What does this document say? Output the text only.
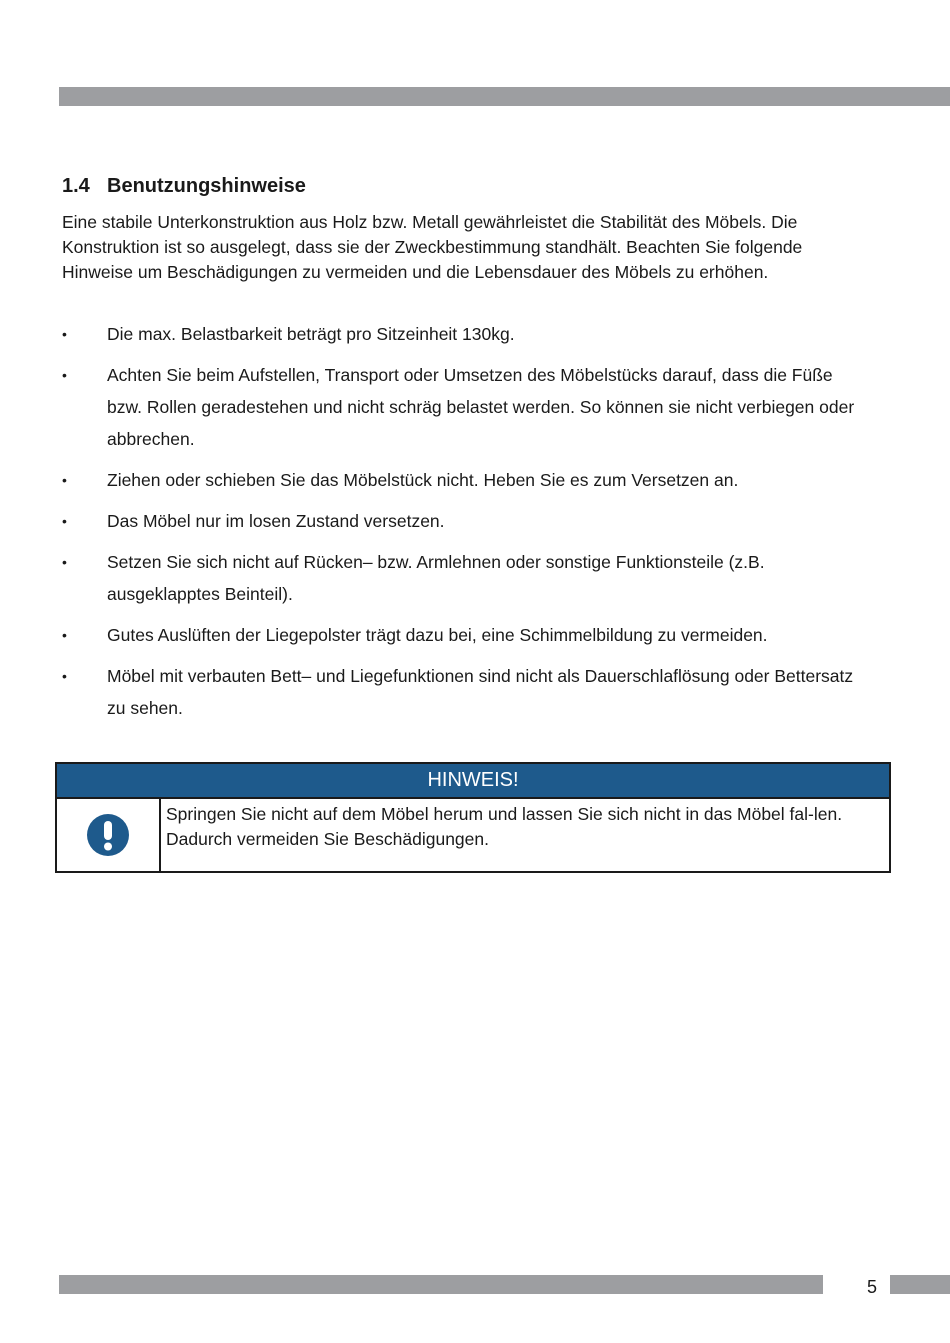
1.4 Benutzungshinweise

Eine stabile Unterkonstruktion aus Holz bzw. Metall gewährleistet die Stabilität des Möbels. Die Konstruktion ist so ausgelegt, dass sie der Zweckbestimmung standhält. Beachten Sie folgende Hinweise um Beschädigungen zu vermeiden und die Lebensdauer des Möbels zu erhöhen.

• Die max. Belastbarkeit beträgt pro Sitzeinheit 130kg.
• Achten Sie beim Aufstellen, Transport oder Umsetzen des Möbelstücks darauf, dass die Füße bzw. Rollen geradestehen und nicht schräg belastet werden. So können sie nicht verbiegen oder abbrechen.
• Ziehen oder schieben Sie das Möbelstück nicht. Heben Sie es zum Versetzen an.
• Das Möbel nur im losen Zustand versetzen.
• Setzen Sie sich nicht auf Rücken– bzw. Armlehnen oder sonstige Funktionsteile (z.B. ausgeklapptes Beinteil).
• Gutes Auslüften der Liegepolster trägt dazu bei, eine Schimmelbildung zu vermeiden.
• Möbel mit verbauten Bett– und Liegefunktionen sind nicht als Dauerschlaflösung oder Bettersatz zu sehen.
HINWEIS!
Springen Sie nicht auf dem Möbel herum und lassen Sie sich nicht in das Möbel fal-len. Dadurch vermeiden Sie Beschädigungen.
5
